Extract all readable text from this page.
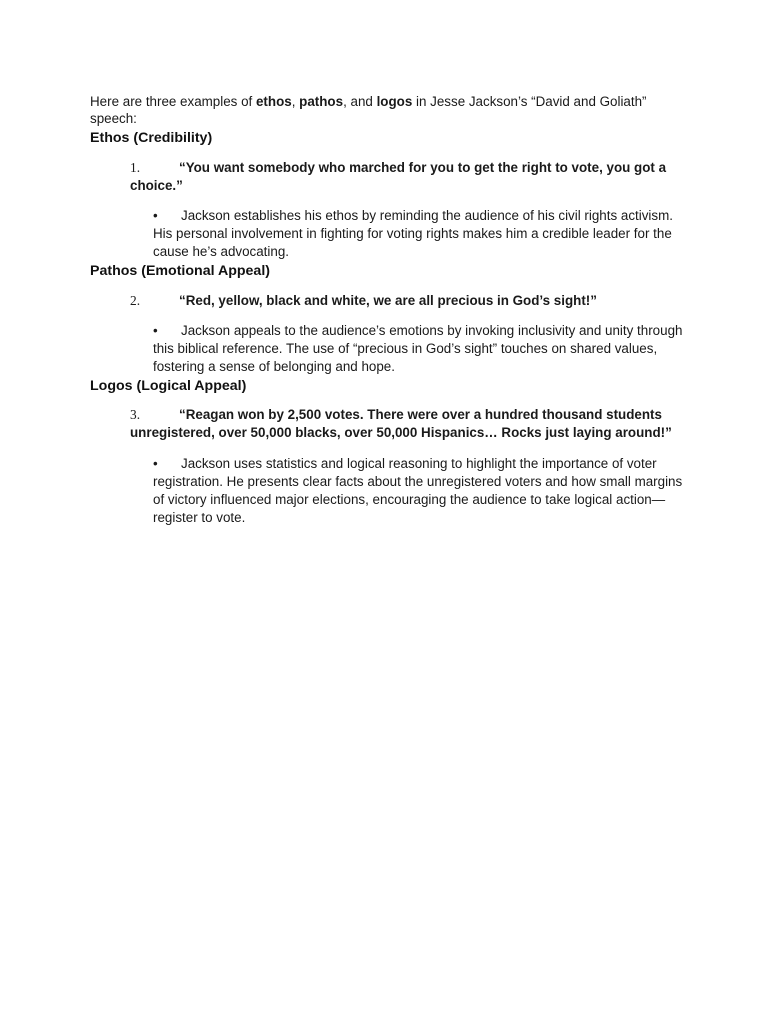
Here are three examples of ethos, pathos, and logos in Jesse Jackson’s “David and Goliath” speech:
Ethos (Credibility)
1.	“You want somebody who marched for you to get the right to vote, you got a choice.”
• Jackson establishes his ethos by reminding the audience of his civil rights activism. His personal involvement in fighting for voting rights makes him a credible leader for the cause he’s advocating.
Pathos (Emotional Appeal)
2.	“Red, yellow, black and white, we are all precious in God’s sight!”
• Jackson appeals to the audience’s emotions by invoking inclusivity and unity through this biblical reference. The use of “precious in God’s sight” touches on shared values, fostering a sense of belonging and hope.
Logos (Logical Appeal)
3.	“Reagan won by 2,500 votes. There were over a hundred thousand students unregistered, over 50,000 blacks, over 50,000 Hispanics… Rocks just laying around!”
• Jackson uses statistics and logical reasoning to highlight the importance of voter registration. He presents clear facts about the unregistered voters and how small margins of victory influenced major elections, encouraging the audience to take logical action—register to vote.
